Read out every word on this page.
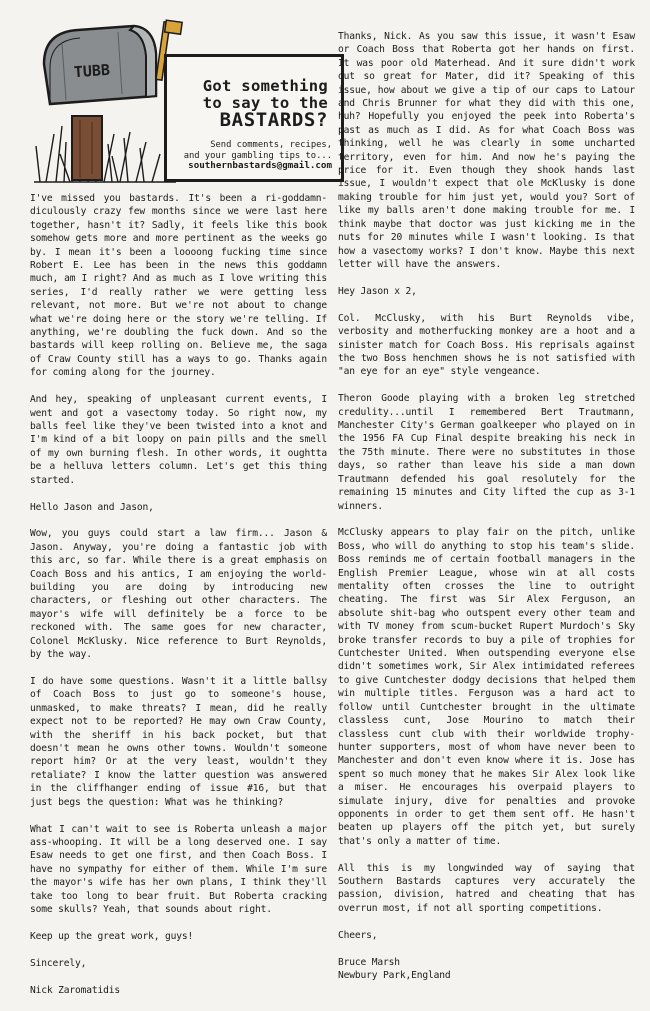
TUBB
Got something
to say to the
BASTARDS?
Send comments, recipes,
and your gambling tips to...
southernbastards@gmail.com

I've missed you bastards. It's been a ri-goddamn-diculously crazy few months since we were last here together, hasn't it? Sadly, it feels like this book somehow gets more and more pertinent as the weeks go by. I mean it's been a loooong fucking time since Robert E. Lee has been in the news this goddamn much, am I right? And as much as I love writing this series, I'd really rather we were getting less relevant, not more. But we're not about to change what we're doing here or the story we're telling. If anything, we're doubling the fuck down. And so the bastards will keep rolling on. Believe me, the saga of Craw County still has a ways to go. Thanks again for coming along for the journey.

And hey, speaking of unpleasant current events, I went and got a vasectomy today. So right now, my balls feel like they've been twisted into a knot and I'm kind of a bit loopy on pain pills and the smell of my own burning flesh. In other words, it oughtta be a helluva letters column. Let's get this thing started.

Hello Jason and Jason,

Wow, you guys could start a law firm... Jason & Jason. Anyway, you're doing a fantastic job with this arc, so far. While there is a great emphasis on Coach Boss and his antics, I am enjoying the world-building you are doing by introducing new characters, or fleshing out other characters. The mayor's wife will definitely be a force to be reckoned with. The same goes for new character, Colonel McKlusky. Nice reference to Burt Reynolds, by the way.

I do have some questions. Wasn't it a little ballsy of Coach Boss to just go to someone's house, unmasked, to make threats? I mean, did he really expect not to be reported? He may own Craw County, with the sheriff in his back pocket, but that doesn't mean he owns other towns. Wouldn't someone report him? Or at the very least, wouldn't they retaliate? I know the latter question was answered in the cliffhanger ending of issue #16, but that just begs the question: What was he thinking?

What I can't wait to see is Roberta unleash a major ass-whooping. It will be a long deserved one. I say Esaw needs to get one first, and then Coach Boss. I have no sympathy for either of them. While I'm sure the mayor's wife has her own plans, I think they'll take too long to bear fruit. But Roberta cracking some skulls? Yeah, that sounds about right.

Keep up the great work, guys!

Sincerely,

Nick Zaromatidis

Thanks, Nick. As you saw this issue, it wasn't Esaw or Coach Boss that Roberta got her hands on first. It was poor old Materhead. And it sure didn't work out so great for Mater, did it? Speaking of this issue, how about we give a tip of our caps to Latour and Chris Brunner for what they did with this one, huh? Hopefully you enjoyed the peek into Roberta's past as much as I did. As for what Coach Boss was thinking, well he was clearly in some uncharted territory, even for him. And now he's paying the price for it. Even though they shook hands last issue, I wouldn't expect that ole McKlusky is done making trouble for him just yet, would you? Sort of like my balls aren't done making trouble for me. I think maybe that doctor was just kicking me in the nuts for 20 minutes while I wasn't looking. Is that how a vasectomy works? I don't know. Maybe this next letter will have the answers.

Hey Jason x 2,

Col. McClusky, with his Burt Reynolds vibe, verbosity and motherfucking monkey are a hoot and a sinister match for Coach Boss. His reprisals against the two Boss henchmen shows he is not satisfied with "an eye for an eye" style vengeance.

Theron Goode playing with a broken leg stretched credulity...until I remembered Bert Trautmann, Manchester City's German goalkeeper who played on in the 1956 FA Cup Final despite breaking his neck in the 75th minute. There were no substitutes in those days, so rather than leave his side a man down Trautmann defended his goal resolutely for the remaining 15 minutes and City lifted the cup as 3-1 winners.

McClusky appears to play fair on the pitch, unlike Boss, who will do anything to stop his team's slide. Boss reminds me of certain football managers in the English Premier League, whose win at all costs mentality often crosses the line to outright cheating. The first was Sir Alex Ferguson, an absolute shit-bag who outspent every other team and with TV money from scum-bucket Rupert Murdoch's Sky broke transfer records to buy a pile of trophies for Cuntchester United. When outspending everyone else didn't sometimes work, Sir Alex intimidated referees to give Cuntchester dodgy decisions that helped them win multiple titles. Ferguson was a hard act to follow until Cuntchester brought in the ultimate classless cunt, Jose Mourino to match their classless cunt club with their worldwide trophy-hunter supporters, most of whom have never been to Manchester and don't even know where it is. Jose has spent so much money that he makes Sir Alex look like a miser. He encourages his overpaid players to simulate injury, dive for penalties and provoke opponents in order to get them sent off. He hasn't beaten up players off the pitch yet, but surely that's only a matter of time.

All this is my longwinded way of saying that Southern Bastards captures very accurately the passion, division, hatred and cheating that has overrun most, if not all sporting competitions.

Cheers,

Bruce Marsh

Newbury Park,England
